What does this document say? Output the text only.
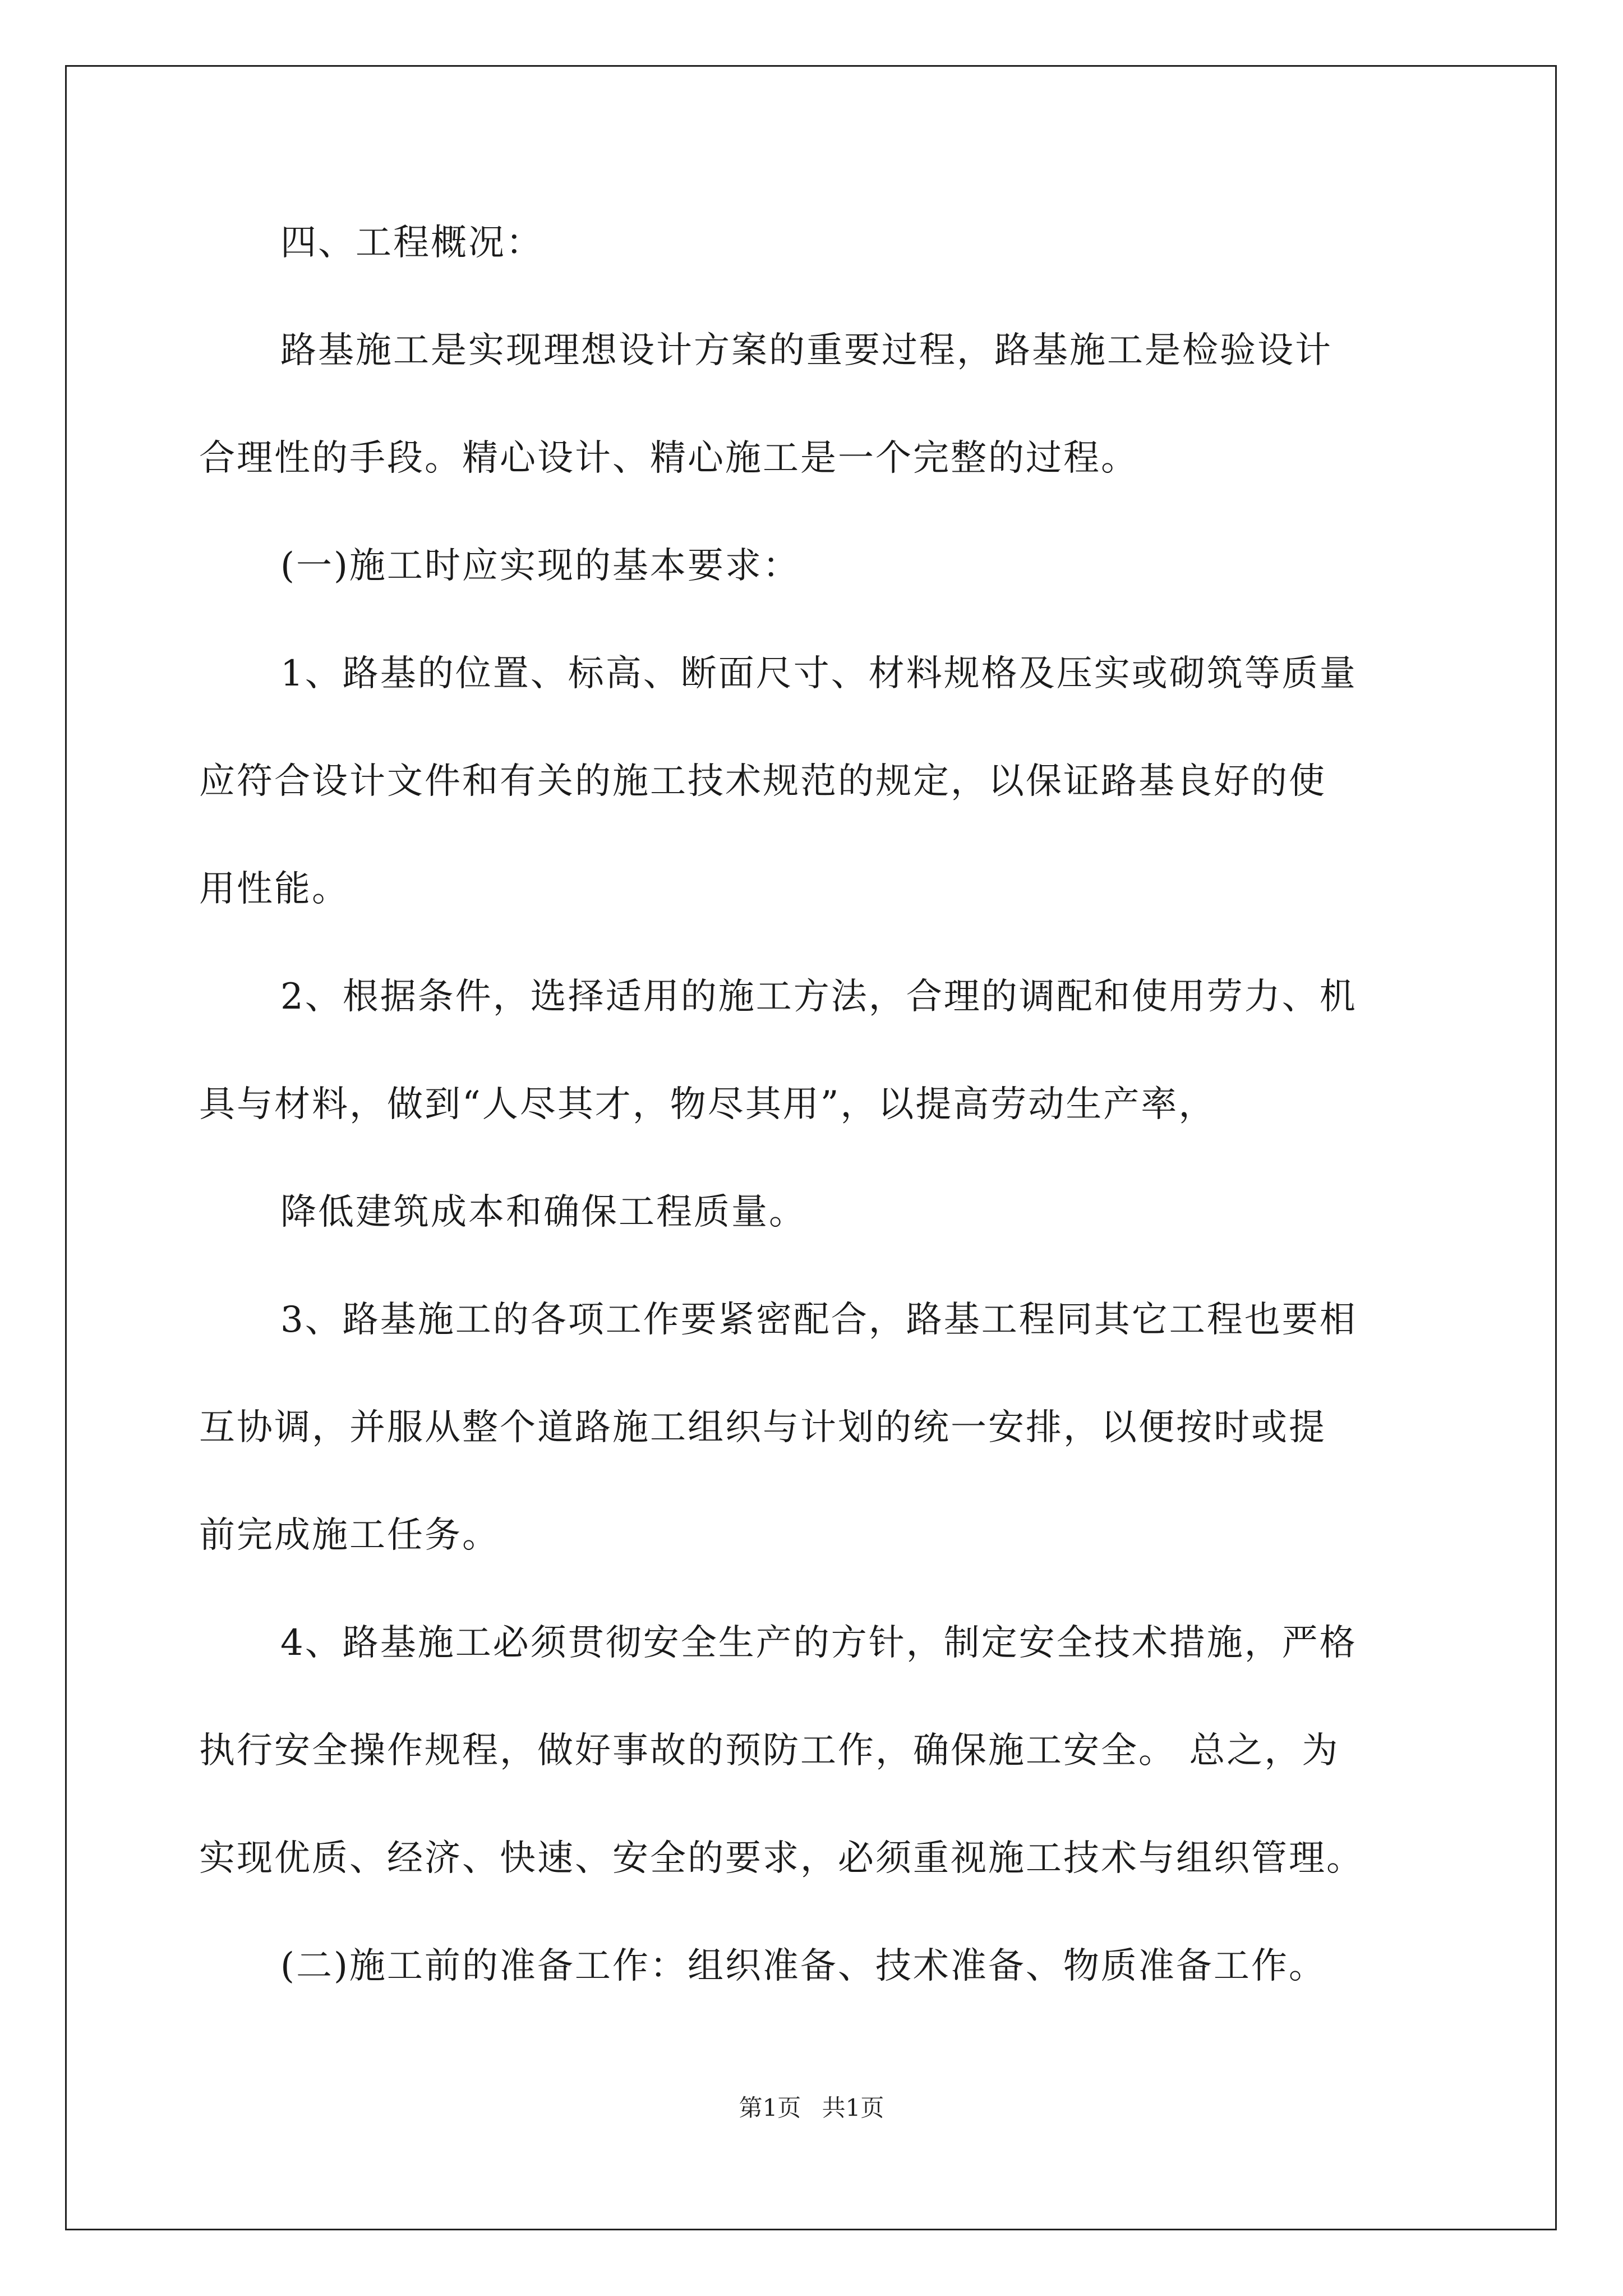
四、工程概况：
路基施工是实现理想设计方案的重要过程，路基施工是检验设计
合理性的手段。精心设计、精心施工是一个完整的过程。
(一)施工时应实现的基本要求：
1、路基的位置、标高、断面尺寸、材料规格及压实或砌筑等质量
应符合设计文件和有关的施工技术规范的规定，以保证路基良好的使
用性能。
2、根据条件，选择适用的施工方法，合理的调配和使用劳力、机
具与材料，做到“人尽其才，物尽其用”，以提高劳动生产率，
降低建筑成本和确保工程质量。
3、路基施工的各项工作要紧密配合，路基工程同其它工程也要相
互协调，并服从整个道路施工组织与计划的统一安排，以便按时或提
前完成施工任务。
4、路基施工必须贯彻安全生产的方针，制定安全技术措施，严格
执行安全操作规程，做好事故的预防工作，确保施工安全。 总之，为
实现优质、经济、快速、安全的要求，必须重视施工技术与组织管理。
(二)施工前的准备工作：组织准备、技术准备、物质准备工作。
第1页 共1页
